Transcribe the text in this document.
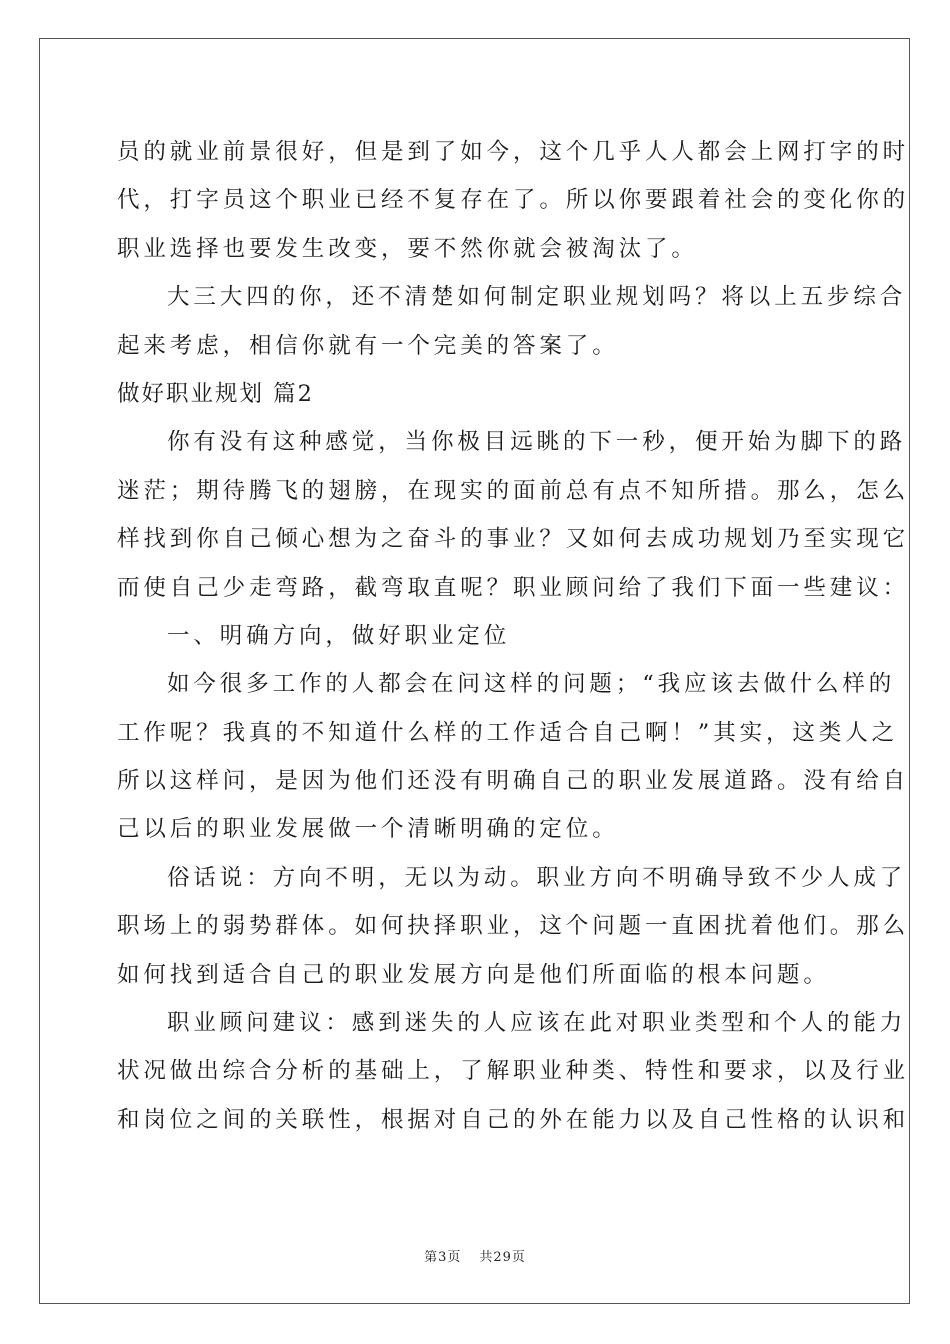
员的就业前景很好，但是到了如今，这个几乎人人都会上网打字的时
代，打字员这个职业已经不复存在了。所以你要跟着社会的变化你的
职业选择也要发生改变，要不然你就会被淘汰了。
大三大四的你，还不清楚如何制定职业规划吗？将以上五步综合
起来考虑，相信你就有一个完美的答案了。
做好职业规划 篇2
你有没有这种感觉，当你极目远眺的下一秒，便开始为脚下的路
迷茫；期待腾飞的翅膀，在现实的面前总有点不知所措。那么，怎么
样找到你自己倾心想为之奋斗的事业？又如何去成功规划乃至实现它
而使自己少走弯路，截弯取直呢？职业顾问给了我们下面一些建议：
一、明确方向，做好职业定位
如今很多工作的人都会在问这样的问题；“我应该去做什么样的
工作呢？我真的不知道什么样的工作适合自己啊！”其实，这类人之
所以这样问，是因为他们还没有明确自己的职业发展道路。没有给自
己以后的职业发展做一个清晰明确的定位。
俗话说：方向不明，无以为动。职业方向不明确导致不少人成了
职场上的弱势群体。如何抉择职业，这个问题一直困扰着他们。那么
如何找到适合自己的职业发展方向是他们所面临的根本问题。
职业顾问建议：感到迷失的人应该在此对职业类型和个人的能力
状况做出综合分析的基础上，了解职业种类、特性和要求，以及行业
和岗位之间的关联性，根据对自己的外在能力以及自己性格的认识和
第3页 共29页
